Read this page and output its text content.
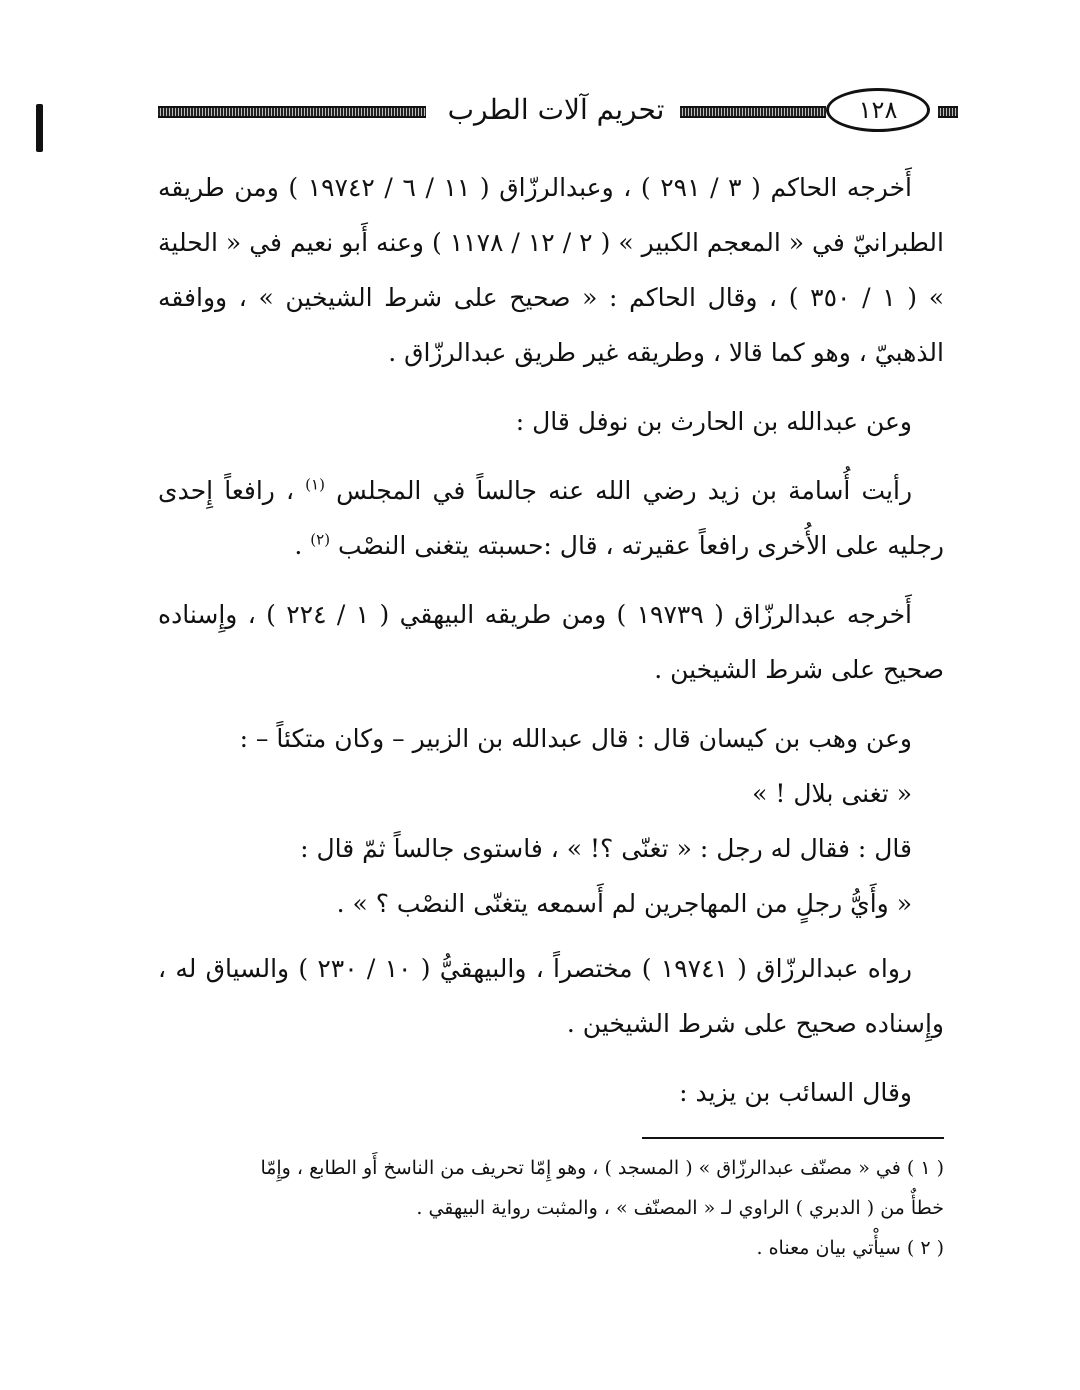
تحريم آلات الطرب	١٢٨

أَخرجه الحاكم ( ٣ / ٢٩١ ) ، وعبدالرزّاق ( ١١ / ٦ / ١٩٧٤٢ ) ومن طريقه الطبرانيّ في « المعجم الكبير » ( ٢ / ١٢ / ١١٧٨ ) وعنه أَبو نعيم في « الحلية » ( ١ / ٣٥٠ ) ، وقال الحاكم : « صحيح على شرط الشيخين » ، ووافقه الذهبيّ ، وهو كما قالا ، وطريقه غير طريق عبدالرزّاق .

وعن عبدالله بن الحارث بن نوفل قال :

رأيت أُسامة بن زيد رضي الله عنه جالساً في المجلس $^{(١)}$ ، رافعاً إِحدى رجليه على الأُخرى رافعاً عقيرته ، قال :حسبته يتغنى النصْب $^{(٢)}$ .

أَخرجه عبدالرزّاق ( ١٩٧٣٩ ) ومن طريقه البيهقي ( ١ / ٢٢٤ ) ، وإِسناده صحيح على شرط الشيخين .

وعن وهب بن كيسان قال : قال عبدالله بن الزبير – وكان متكئاً – :

« تغنى بلال ! »

قال : فقال له رجل : « تغنّى ؟! » ، فاستوى جالساً ثمّ قال :

« وأَيُّ رجلٍ من المهاجرين لم أَسمعه يتغنّى النصْب ؟ » .

رواه عبدالرزّاق ( ١٩٧٤١ ) مختصراً ، والبيهقيُّ ( ١٠ / ٢٣٠ ) والسياق له ، وإِسناده صحيح على شرط الشيخين .

وقال السائب بن يزيد :

( ١ ) في « مصنّف عبدالرزّاق » ( المسجد ) ، وهو إِمّا تحريف من الناسخ أَو الطابع ، وإِمّا

خطأٌ من ( الدبري ) الراوي لـ « المصنّف » ، والمثبت رواية البيهقي .

( ٢ ) سيأْتي بيان معناه .
